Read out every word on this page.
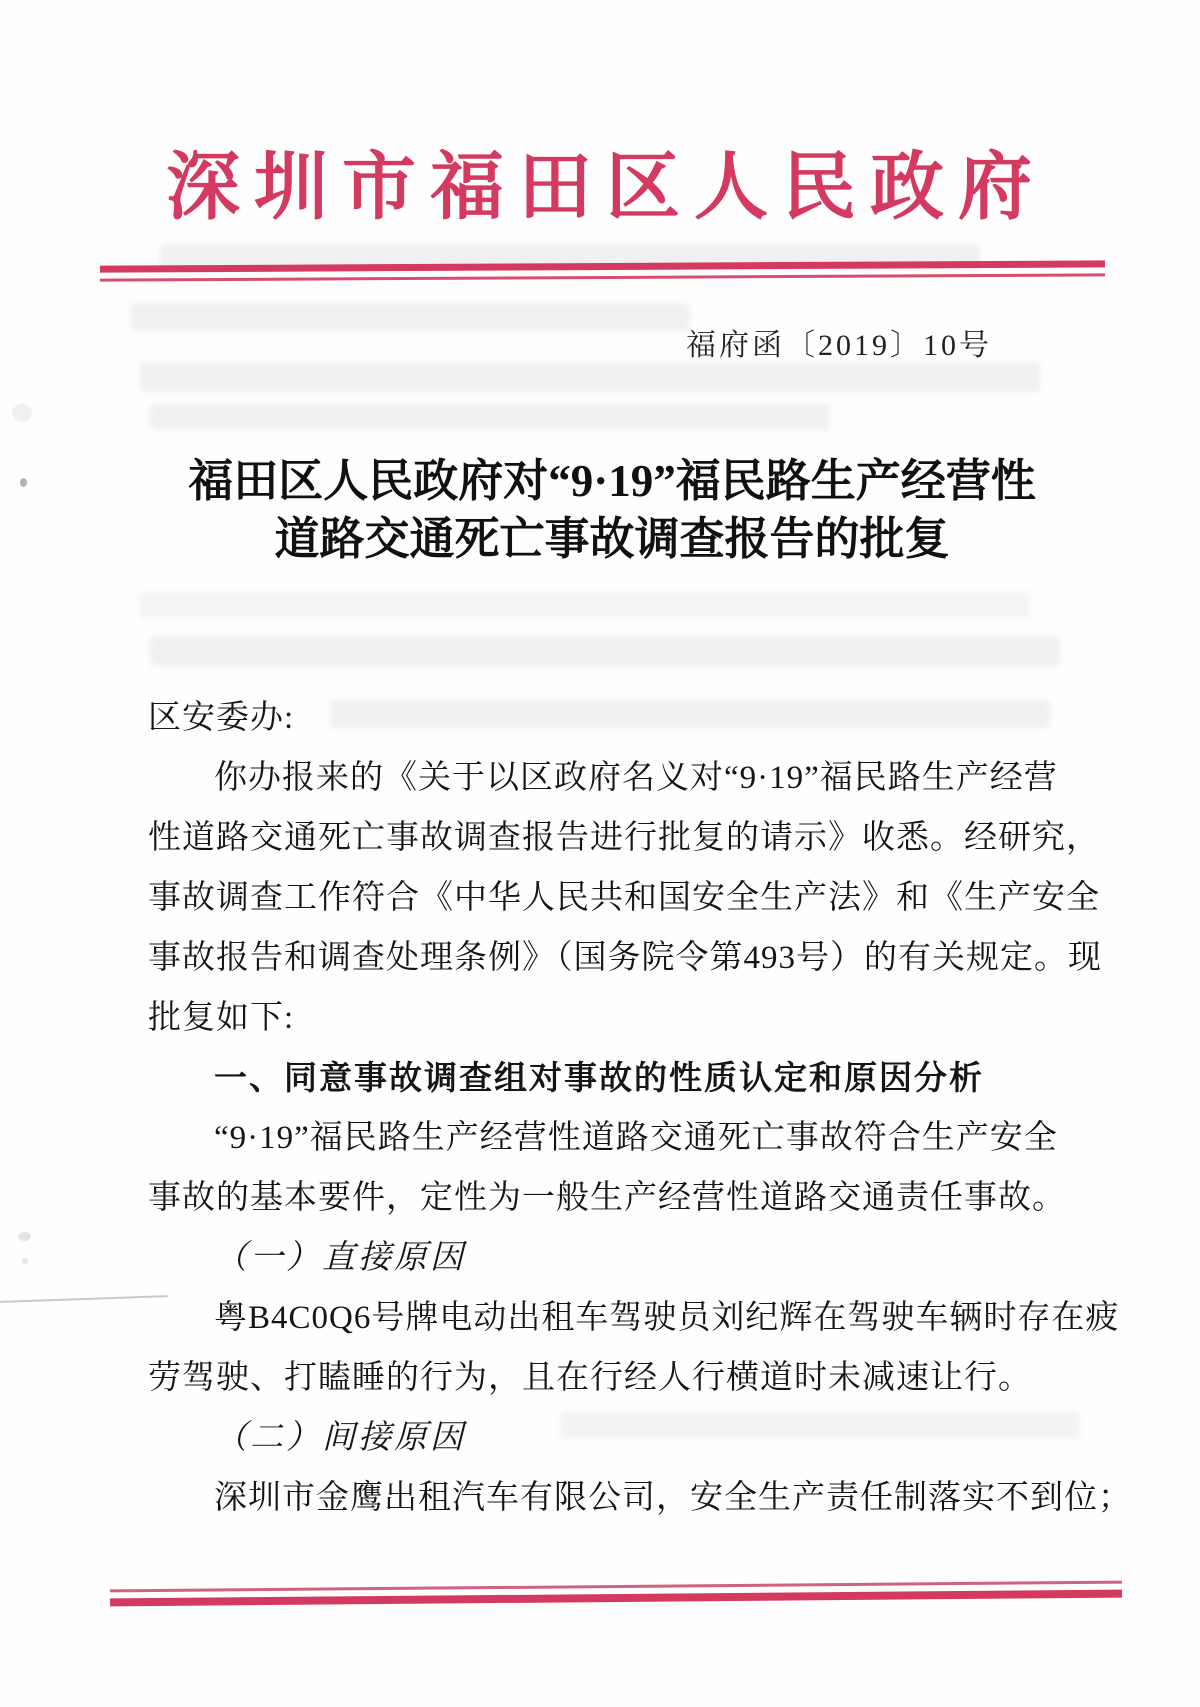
深圳市福田区人民政府
福府函〔2019〕10号
福田区人民政府对“9·19”福民路生产经营性
道路交通死亡事故调查报告的批复
区安委办:
你办报来的《关于以区政府名义对“9·19”福民路生产经营
性道路交通死亡事故调查报告进行批复的请示》收悉。经研究，
事故调查工作符合《中华人民共和国安全生产法》和《生产安全
事故报告和调查处理条例》（国务院令第493号）的有关规定。现
批复如下:
一、同意事故调查组对事故的性质认定和原因分析
“9·19”福民路生产经营性道路交通死亡事故符合生产安全
事故的基本要件，定性为一般生产经营性道路交通责任事故。
（一）直接原因
粤B4C0Q6号牌电动出租车驾驶员刘纪辉在驾驶车辆时存在疲
劳驾驶、打瞌睡的行为，且在行经人行横道时未减速让行。
（二）间接原因
深圳市金鹰出租汽车有限公司，安全生产责任制落实不到位；
